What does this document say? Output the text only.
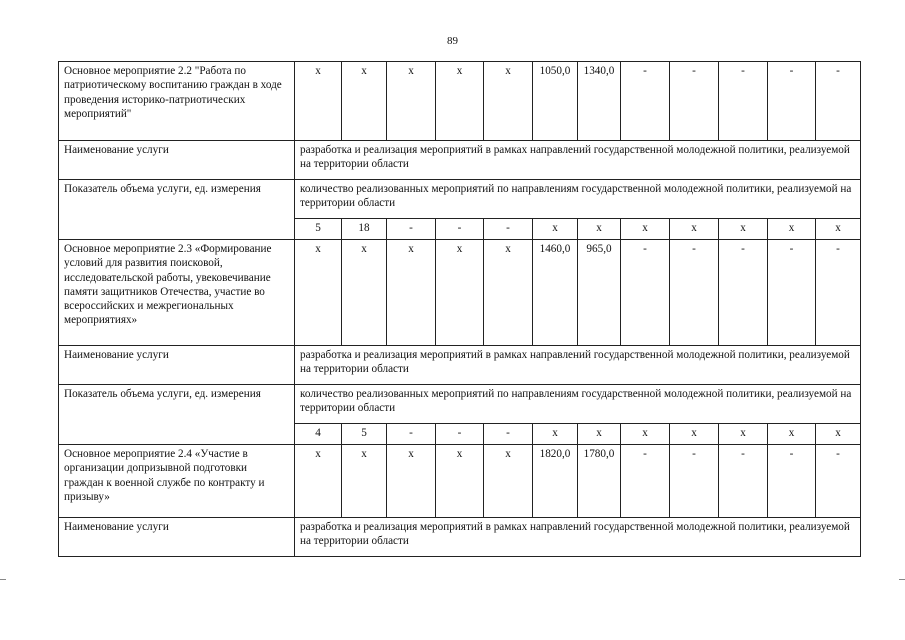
89
Основное мероприятие 2.2 "Работа по патриотическому воспитанию граждан в ходе проведения историко-патриотических мероприятий"	х	х	х	х	х	1050,0	1340,0	-	-	-	-	-
Наименование услуги	разработка и реализация мероприятий в рамках направлений государственной молодежной политики, реализуемой на территории области											
Показатель объема услуги, ед. измерения	количество реализованных мероприятий по направлениям государственной молодежной политики, реализуемой на территории области											
	5	18	-	-	-	х	х	х	х	х	х	х
Основное мероприятие 2.3 «Формирование условий для развития поисковой, исследовательской работы, увековечивание памяти защитников Отечества, участие во всероссийских и межрегиональных мероприятиях»	х	х	х	х	х	1460,0	965,0	-	-	-	-	-
Наименование услуги	разработка и реализация мероприятий в рамках направлений государственной молодежной политики, реализуемой на территории области											
Показатель объема услуги, ед. измерения	количество реализованных мероприятий по направлениям государственной молодежной политики, реализуемой на территории области											
	4	5	-	-	-	х	х	х	х	х	х	х
Основное мероприятие 2.4 «Участие в организации допризывной подготовки граждан к военной службе по контракту и призыву»	х	х	х	х	х	1820,0	1780,0	-	-	-	-	-
Наименование услуги	разработка и реализация мероприятий в рамках направлений государственной молодежной политики, реализуемой на территории области											
